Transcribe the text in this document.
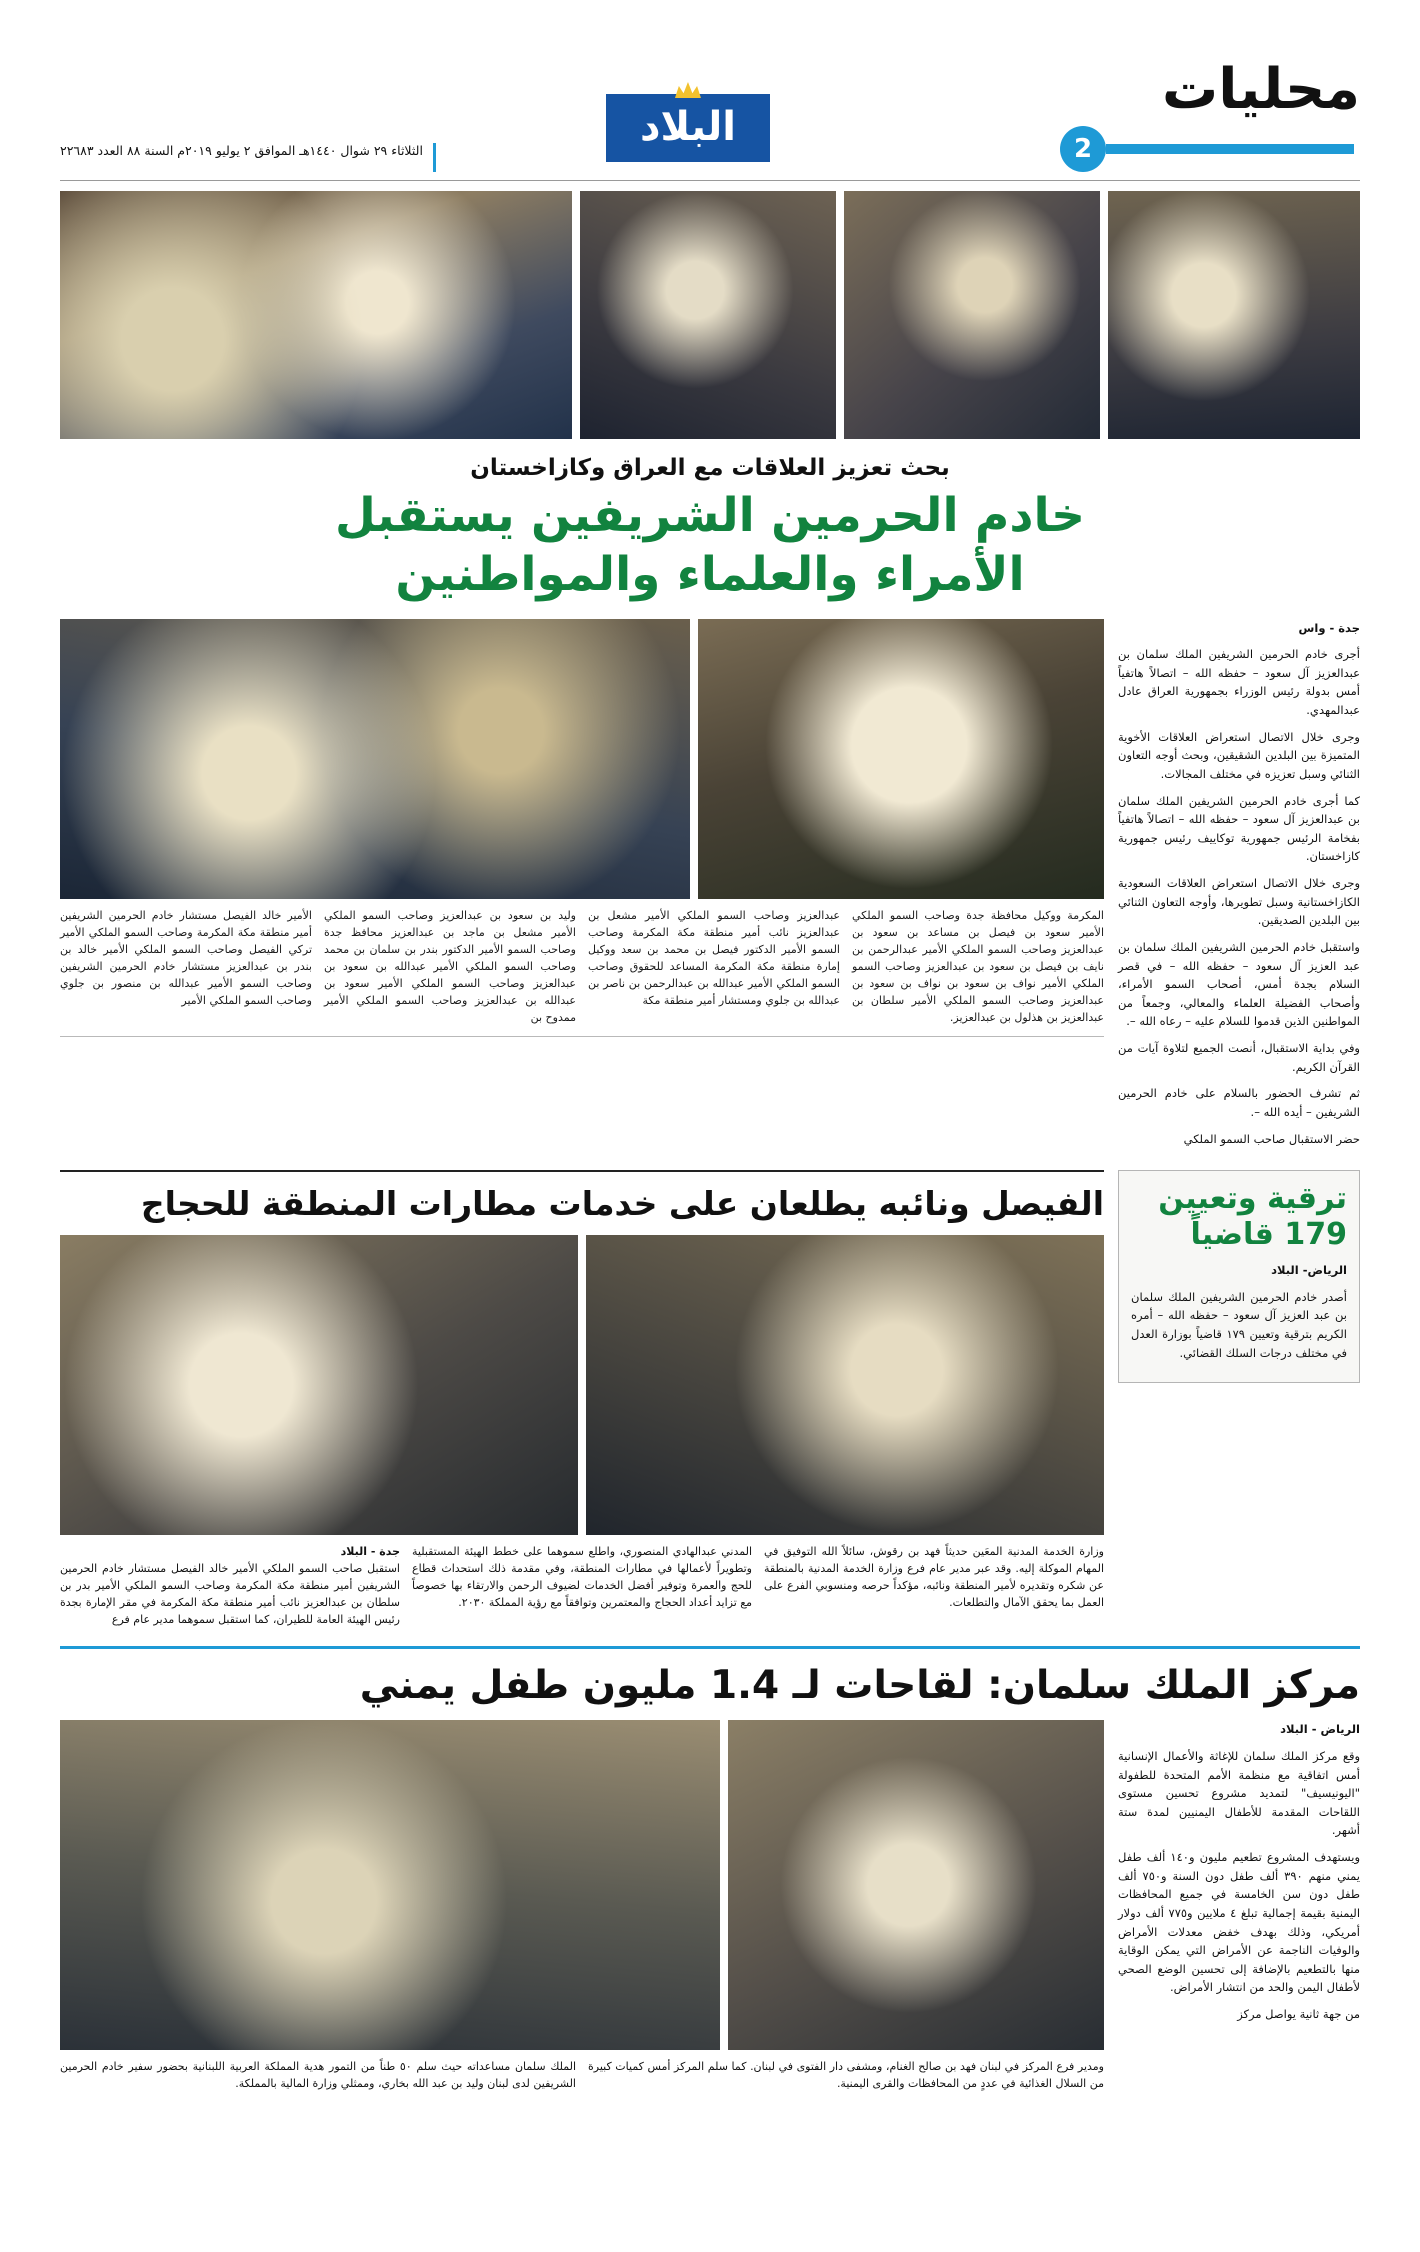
محليات
2
البلاد
الثلاثاء ٢٩ شوال ١٤٤٠هـ الموافق ٢ يوليو ٢٠١٩م السنة ٨٨ العدد ٢٢٦٨٣
بحث تعزيز العلاقات مع العراق وكازاخستان
خادم الحرمين الشريفين يستقبل
الأمراء والعلماء والمواطنين

جدة - واس

أجرى خادم الحرمين الشريفين الملك سلمان بن عبدالعزيز آل سعود – حفظه الله – اتصالاً هاتفياً أمس بدولة رئيس الوزراء بجمهورية العراق عادل عبدالمهدي.

وجرى خلال الاتصال استعراض العلاقات الأخوية المتميزة بين البلدين الشقيقين، وبحث أوجه التعاون الثنائي وسبل تعزيزه في مختلف المجالات.

كما أجرى خادم الحرمين الشريفين الملك سلمان بن عبدالعزيز آل سعود – حفظه الله – اتصالاً هاتفياً بفخامة الرئيس جمهورية توكاييف رئيس جمهورية كازاخستان.

وجرى خلال الاتصال استعراض العلاقات السعودية الكازاخستانية وسبل تطويرها، وأوجه التعاون الثنائي بين البلدين الصديقين.

واستقبل خادم الحرمين الشريفين الملك سلمان بن عبد العزيز آل سعود – حفظه الله – في قصر السلام بجدة أمس، أصحاب السمو الأمراء، وأصحاب الفضيلة العلماء والمعالي، وجمعاً من المواطنين الذين قدموا للسلام عليه – رعاه الله –.

وفي بداية الاستقبال، أنصت الجميع لتلاوة آيات من القرآن الكريم.

ثم تشرف الحضور بالسلام على خادم الحرمين الشريفين – أيده الله –.

حضر الاستقبال صاحب السمو الملكي

المكرمة ووكيل محافظة جدة وصاحب السمو الملكي الأمير سعود بن فيصل بن مساعد بن سعود بن عبدالعزيز وصاحب السمو الملكي الأمير عبدالرحمن بن نايف بن فيصل بن سعود بن عبدالعزيز وصاحب السمو الملكي الأمير نواف بن سعود بن نواف بن سعود بن عبدالعزيز وصاحب السمو الملكي الأمير سلطان بن عبدالعزيز بن هذلول بن عبدالعزيز.
عبدالعزيز وصاحب السمو الملكي الأمير مشعل بن عبدالعزيز نائب أمير منطقة مكة المكرمة وصاحب السمو الأمير الدكتور فيصل بن محمد بن سعد ووكيل إمارة منطقة مكة المكرمة المساعد للحقوق وصاحب السمو الملكي الأمير عبدالله بن عبدالرحمن بن ناصر بن عبدالله بن جلوي ومستشار أمير منطقة مكة
وليد بن سعود بن عبدالعزيز وصاحب السمو الملكي الأمير مشعل بن ماجد بن عبدالعزيز محافظ جدة وصاحب السمو الأمير الدكتور بندر بن سلمان بن محمد وصاحب السمو الملكي الأمير عبدالله بن سعود بن عبدالعزيز وصاحب السمو الملكي الأمير سعود بن عبدالله بن عبدالعزيز وصاحب السمو الملكي الأمير ممدوح بن
الأمير خالد الفيصل مستشار خادم الحرمين الشريفين أمير منطقة مكة المكرمة وصاحب السمو الملكي الأمير تركي الفيصل وصاحب السمو الملكي الأمير خالد بن بندر بن عبدالعزيز مستشار خادم الحرمين الشريفين وصاحب السمو الأمير عبدالله بن منصور بن جلوي وصاحب السمو الملكي الأمير
ترقية وتعيين
179 قاضياً

الرياض- البلاد

أصدر خادم الحرمين الشريفين الملك سلمان بن عبد العزيز آل سعود – حفظه الله – أمره الكريم بترقية وتعيين ١٧٩ قاضياً بوزارة العدل في مختلف درجات السلك القضائي.

الفيصل ونائبه يطلعان على خدمات مطارات المنطقة للحجاج
وزارة الخدمة المدنية المعَين حديثاً فهد بن رقوش، سائلاً الله التوفيق في المهام الموكلة إليه. وقد عبر مدير عام فرع وزارة الخدمة المدنية بالمنطقة عن شكره وتقديره لأمير المنطقة ونائبه، مؤكداً حرصه ومنسوبي الفرع على العمل بما يحقق الآمال والتطلعات.
المدني عبدالهادي المنصوري، واطلع سموهما على خطط الهيئة المستقبلية وتطويراً لأعمالها في مطارات المنطقة، وفي مقدمة ذلك استحداث قطاع للحج والعمرة وتوفير أفضل الخدمات لضيوف الرحمن والارتقاء بها خصوصاً مع تزايد أعداد الحجاج والمعتمرين وتوافقاً مع رؤية المملكة ٢٠٣٠.
جدة - البلاد
استقبل صاحب السمو الملكي الأمير خالد الفيصل مستشار خادم الحرمين الشريفين أمير منطقة مكة المكرمة وصاحب السمو الملكي الأمير بدر بن سلطان بن عبدالعزيز نائب أمير منطقة مكة المكرمة في مقر الإمارة بجدة رئيس الهيئة العامة للطيران، كما استقبل سموهما مدير عام فرع
مركز الملك سلمان: لقاحات لـ 1.4 مليون طفل يمني

الرياض - البلاد

وقع مركز الملك سلمان للإغاثة والأعمال الإنسانية أمس اتفاقية مع منظمة الأمم المتحدة للطفولة "اليونيسيف" لتمديد مشروع تحسين مستوى اللقاحات المقدمة للأطفال اليمنيين لمدة ستة أشهر.

ويستهدف المشروع تطعيم مليون و١٤٠ ألف طفل يمني منهم ٣٩٠ ألف طفل دون السنة و٧٥٠ ألف طفل دون سن الخامسة في جميع المحافظات اليمنية بقيمة إجمالية تبلغ ٤ ملايين و٧٧٥ ألف دولار أمريكي، وذلك بهدف خفض معدلات الأمراض والوفيات الناجمة عن الأمراض التي يمكن الوقاية منها بالتطعيم بالإضافة إلى تحسين الوضع الصحي لأطفال اليمن والحد من انتشار الأمراض.

من جهة ثانية يواصل مركز

ومدير فرع المركز في لبنان فهد بن صالح الغنام، ومشفى دار الفتوى في لبنان. كما سلم المركز أمس كميات كبيرة من السلال الغذائية في عددٍ من المحافظات والقرى اليمنية.
الملك سلمان مساعداته حيث سلم ٥٠ طناً من التمور هدية المملكة العربية اللبنانية بحضور سفير خادم الحرمين الشريفين لدى لبنان وليد بن عبد الله بخاري، وممثلي وزارة المالية بالمملكة.
